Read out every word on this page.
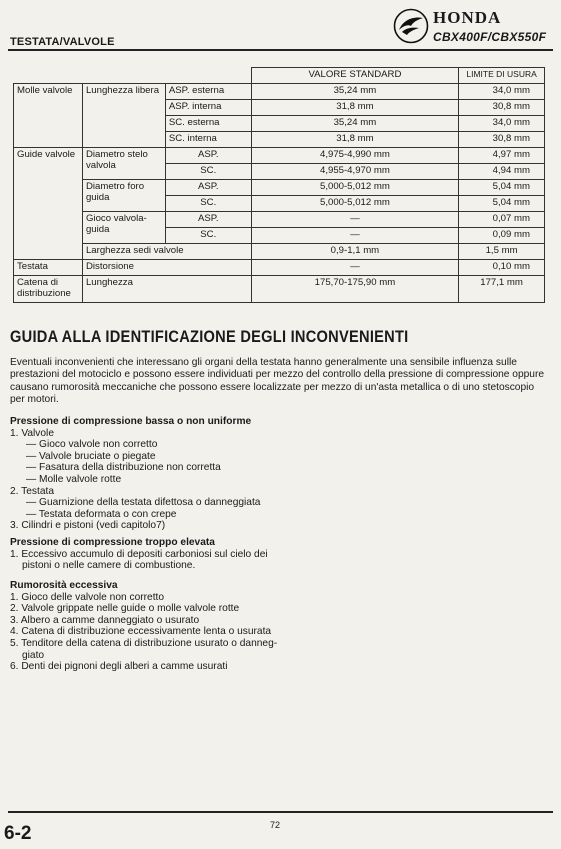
TESTATA/VALVOLE
HONDA
CBX400F/CBX550F
			VALORE STANDARD	LIMITE DI USURA
Molle valvole	Lunghezza libera	ASP. esterna	35,24 mm	34,0 mm
		ASP. interna	31,8 mm	30,8 mm
		SC. esterna	35,24 mm	34,0 mm
		SC. interna	31,8 mm	30,8 mm
Guide valvole	Diametro stelo valvola	ASP.	4,975-4,990 mm	4,97 mm
		SC.	4,955-4,970 mm	4,94 mm
	Diametro foro guida	ASP.	5,000-5,012 mm	5,04 mm
		SC.	5,000-5,012 mm	5,04 mm
	Gioco valvola-guida	ASP.	—	0,07 mm
		SC.	—	0,09 mm
	Larghezza sedi valvole		0,9-1,1 mm	1,5 mm
Testata	Distorsione		—	0,10 mm
Catena di distribuzione	Lunghezza		175,70-175,90 mm	177,1 mm
GUIDA ALLA IDENTIFICAZIONE DEGLI INCONVENIENTI
Eventuali inconvenienti che interessano gli organi della testata hanno generalmente una sensibile influenza sulle prestazioni del motociclo e possono essere individuati per mezzo del controllo della pressione di compressione oppure causano rumorosità meccaniche che possono essere localizzate per mezzo di un'asta metallica o di uno stetoscopio per motori.
Pressione di compressione bassa o non uniforme
1. Valvole
— Gioco valvole non corretto
— Valvole bruciate o piegate
— Fasatura della distribuzione non corretta
— Molle valvole rotte
2. Testata
— Guarnizione della testata difettosa o danneggiata
— Testata deformata o con crepe
3. Cilindri e pistoni (vedi capitolo7)
Pressione di compressione troppo elevata
1. Eccessivo accumulo di depositi carboniosi sul cielo dei
pistoni o nelle camere di combustione.
Rumorosità eccessiva
1. Gioco delle valvole non corretto
2. Valvole grippate nelle guide o molle valvole rotte
3. Albero a camme danneggiato o usurato
4. Catena di distribuzione eccessivamente lenta o usurata
5. Tenditore della catena di distribuzione usurato o danneg-
giato
6. Denti dei pignoni degli alberi a camme usurati
72
6-2
